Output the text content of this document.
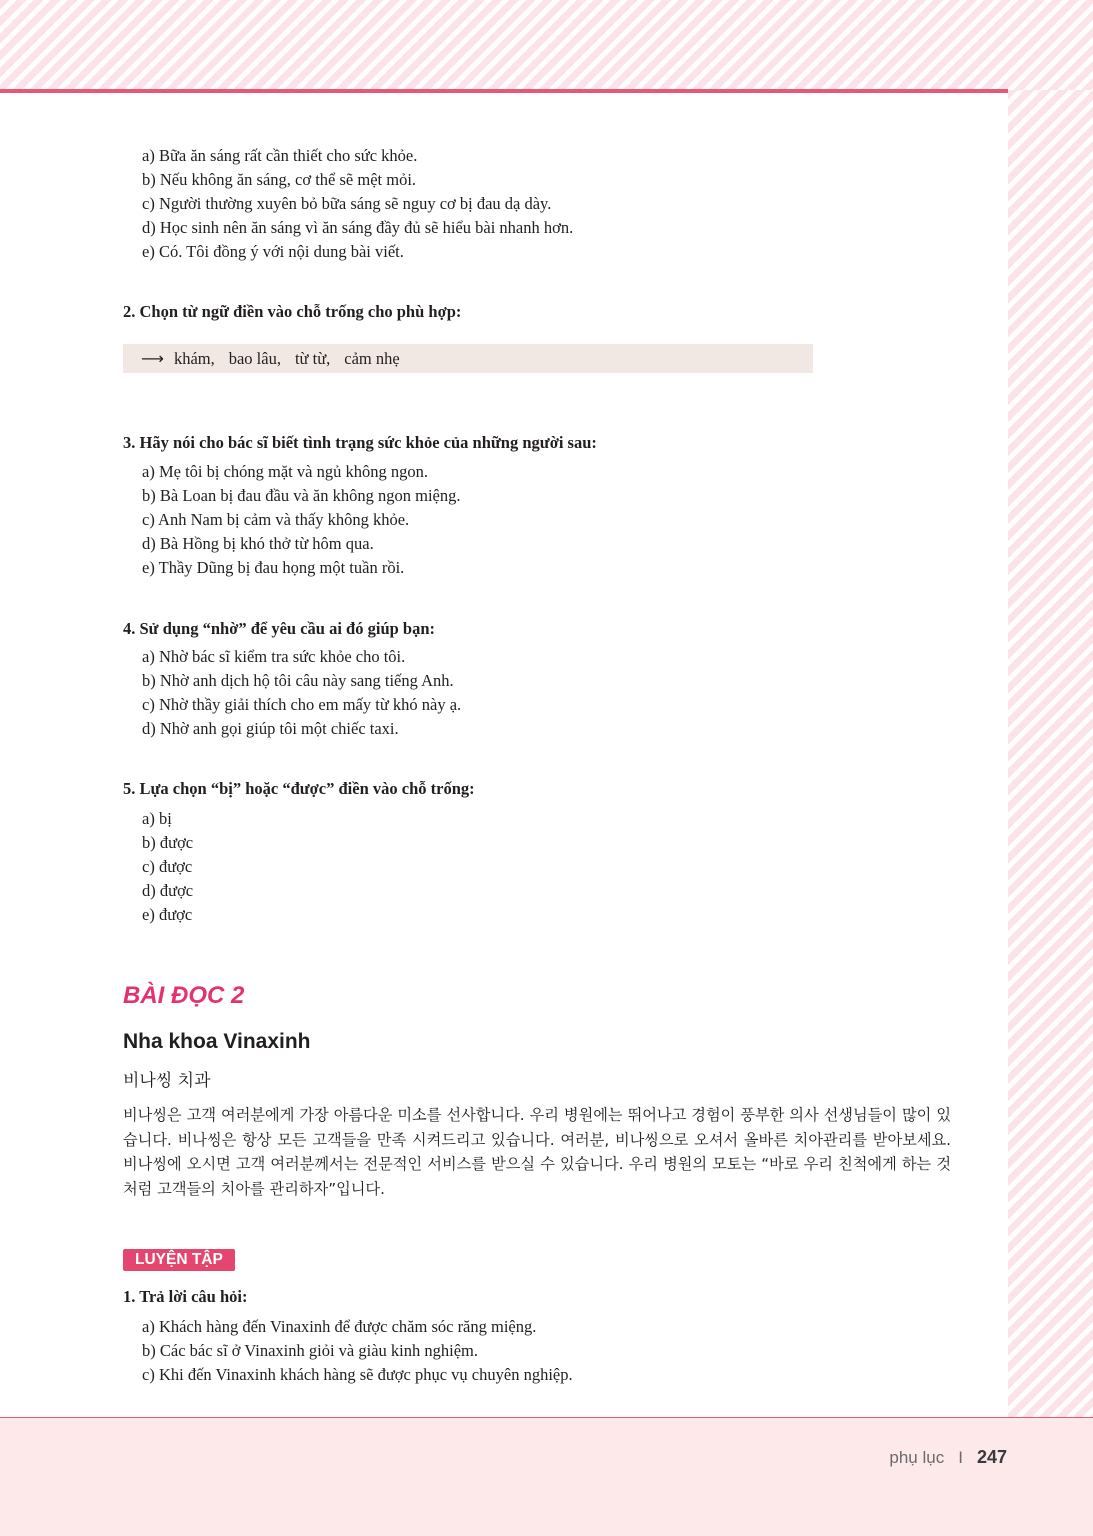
a) Bữa ăn sáng rất cần thiết cho sức khỏe.
b) Nếu không ăn sáng, cơ thể sẽ mệt mỏi.
c) Người thường xuyên bỏ bữa sáng sẽ nguy cơ bị đau dạ dày.
d) Học sinh nên ăn sáng vì ăn sáng đầy đủ sẽ hiểu bài nhanh hơn.
e) Có. Tôi đồng ý với nội dung bài viết.
2. Chọn từ ngữ điền vào chỗ trống cho phù hợp:
⟶ khám, bao lâu, từ từ, cảm nhẹ
3. Hãy nói cho bác sĩ biết tình trạng sức khỏe của những người sau:
a) Mẹ tôi bị chóng mặt và ngủ không ngon.
b) Bà Loan bị đau đầu và ăn không ngon miệng.
c) Anh Nam bị cảm và thấy không khỏe.
d) Bà Hồng bị khó thở từ hôm qua.
e) Thầy Dũng bị đau họng một tuần rồi.
4. Sử dụng “nhờ” để yêu cầu ai đó giúp bạn:
a) Nhờ bác sĩ kiểm tra sức khỏe cho tôi.
b) Nhờ anh dịch hộ tôi câu này sang tiếng Anh.
c) Nhờ thầy giải thích cho em mấy từ khó này ạ.
d) Nhờ anh gọi giúp tôi một chiếc taxi.
5. Lựa chọn “bị” hoặc “được” điền vào chỗ trống:
a) bị
b) được
c) được
d) được
e) được
BÀI ĐỌC 2
Nha khoa Vinaxinh
비나씽 치과
비나씽은 고객 여러분에게 가장 아름다운 미소를 선사합니다. 우리 병원에는 뛰어나고 경험이 풍부한 의사 선생님들이 많이 있습니다. 비나씽은 항상 모든 고객들을 만족 시켜드리고 있습니다. 여러분, 비나씽으로 오셔서 올바른 치아관리를 받아보세요. 비나씽에 오시면 고객 여러분께서는 전문적인 서비스를 받으실 수 있습니다. 우리 병원의 모토는 “바로 우리 친척에게 하는 것처럼 고객들의 치아를 관리하자”입니다.
LUYỆN TẬP
1. Trả lời câu hỏi:
a) Khách hàng đến Vinaxinh để được chăm sóc răng miệng.
b) Các bác sĩ ở Vinaxinh giỏi và giàu kinh nghiệm.
c) Khi đến Vinaxinh khách hàng sẽ được phục vụ chuyên nghiệp.
phụ lục I 247
